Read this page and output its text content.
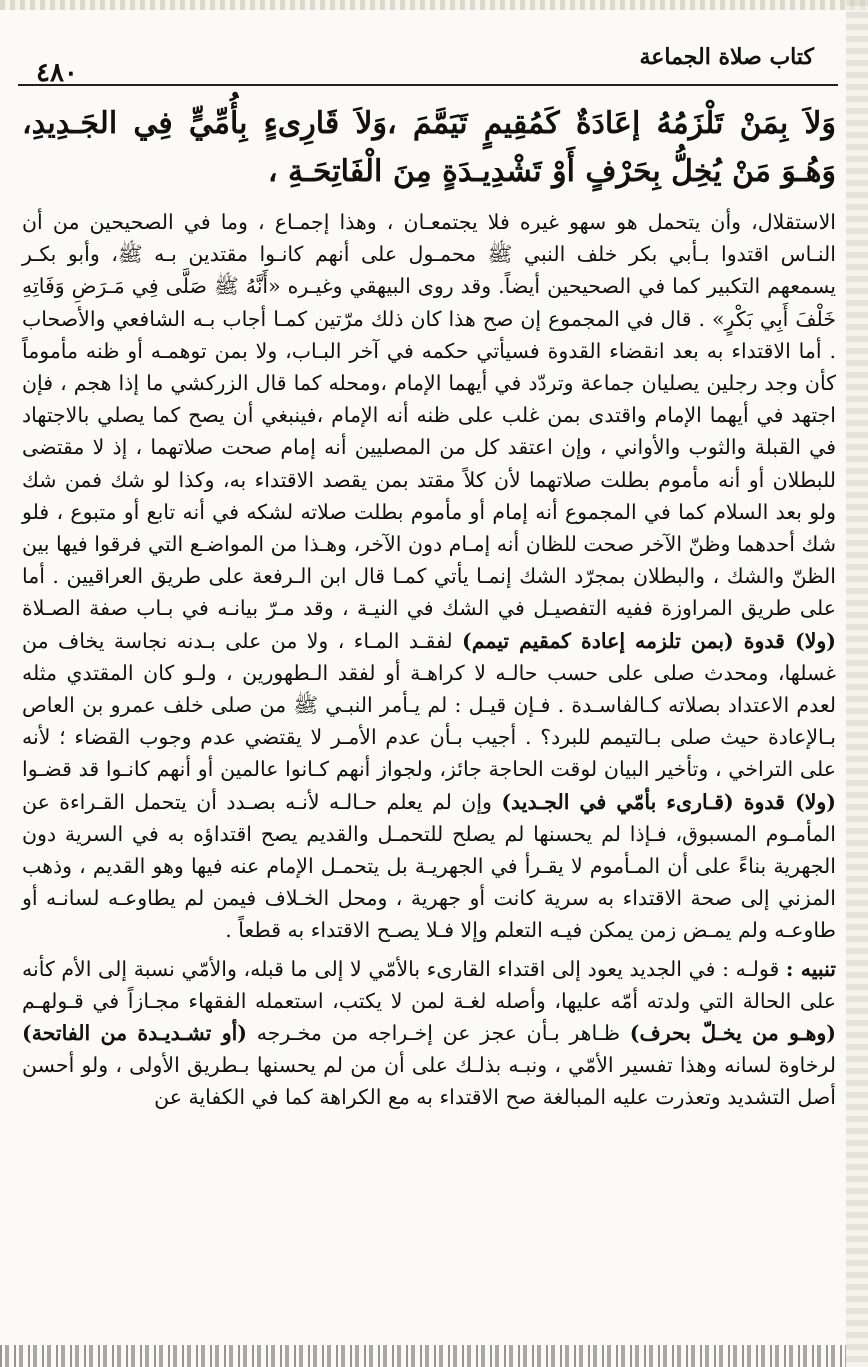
كتاب صلاة الجماعة
٤٨٠
وَلاَ بِمَنْ تَلْزَمُهُ إعَادَةٌ كَمُقِيمٍ تَيَمَّمَ ،وَلاَ قَارِىءٍ بِأُمِّيٍّ فِي الجَـدِيدِ، وَهُـوَ مَنْ يُخِلُّ بِحَرْفٍ أَوْ تَشْدِيـدَةٍ مِنَ الْفَاتِحَـةِ ،

الاستقلال، وأن يتحمل هو سهو غيره فلا يجتمعـان ، وهذا إجمـاع ، وما في الصحيحين من أن النـاس اقتدوا بـأبي بكر خلف النبي ﷺ محمـول على أنهم كانـوا مقتدين بـه ﷺ، وأبو بكـر يسمعهم التكبير كما في الصحيحين أيضاً. وقد روى البيهقي وغيـره «أَنَّهُ ﷺ صَلَّى فِي مَـرَضِ وَفَاتِهِ خَلْفَ أَبِي بَكْرٍ» . قال في المجموع إن صح هذا كان ذلك مرّتين كمـا أجاب بـه الشافعي والأصحاب . أما الاقتداء به بعد انقضاء القدوة فسيأتي حكمه في آخر البـاب، ولا بمن توهمـه أو ظنه مأموماً كأن وجد رجلين يصليان جماعة وتردّد في أيهما الإمام ،ومحله كما قال الزركشي ما إذا هجم ، فإن اجتهد في أيهما الإمام واقتدى بمن غلب على ظنه أنه الإمام ،فينبغي أن يصح كما يصلي بالاجتهاد في القبلة والثوب والأواني ، وإن اعتقد كل من المصليين أنه إمام صحت صلاتهما ، إذ لا مقتضى للبطلان أو أنه مأموم بطلت صلاتهما لأن كلاً مقتد بمن يقصد الاقتداء به، وكذا لو شك فمن شك ولو بعد السلام كما في المجموع أنه إمام أو مأموم بطلت صلاته لشكه في أنه تابع أو متبوع ، فلو شك أحدهما وظنّ الآخر صحت للظان أنه إمـام دون الآخر، وهـذا من المواضـع التي فرقوا فيها بين الظنّ والشك ، والبطلان بمجرّد الشك إنمـا يأتي كمـا قال ابن الـرفعة على طريق العراقيين . أما على طريق المراوزة ففيه التفصيـل في الشك في النيـة ، وقد مـرّ بيانـه في بـاب صفة الصـلاة (ولا) قدوة (بمن تلزمه إعادة كمقيم تيمم) لفقـد المـاء ، ولا من على بـدنه نجاسة يخاف من غسلها، ومحدث صلى على حسب حالـه لا كراهـة أو لفقد الـطهورين ، ولـو كان المقتدي مثله لعدم الاعتداد بصلاته كـالفاسـدة . فـإن قيـل : لم يـأمر النبـي ﷺ من صلى خلف عمرو بن العاص بـالإعادة حيث صلى بـالتيمم للبرد؟ . أجيب بـأن عدم الأمـر لا يقتضي عدم وجوب القضاء ؛ لأنه على التراخي ، وتأخير البيان لوقت الحاجة جائز، ولجواز أنهم كـانوا عالمين أو أنهم كانـوا قد قضـوا (ولا) قدوة (قـارىء بأمّي في الجـديد) وإن لم يعلم حـالـه لأنـه بصـدد أن يتحمل القـراءة عن المأمـوم المسبوق، فـإذا لم يحسنها لم يصلح للتحمـل والقديم يصح اقتداؤه به في السرية دون الجهرية بناءً على أن المـأموم لا يقـرأ في الجهريـة بل يتحمـل الإمام عنه فيها وهو القديم ، وذهب المزني إلى صحة الاقتداء به سرية كانت أو جهرية ، ومحل الخـلاف فيمن لم يطاوعـه لسانـه أو طاوعـه ولم يمـض زمن يمكن فيـه التعلم وإلا فـلا يصـح الاقتداء به قطعاً .

تنبيه : قولـه : في الجديد يعود إلى اقتداء القارىء بالأمّي لا إلى ما قبله، والأمّي نسبة إلى الأم كأنه على الحالة التي ولدته أمّه عليها، وأصله لغـة لمن لا يكتب، استعمله الفقهاء مجـازاً في قـولهـم (وهـو من يخـلّ بحرف) ظـاهر بـأن عجز عن إخـراجه من مخـرجه (أو تشـديـدة من الفاتحة) لرخاوة لسانه وهذا تفسير الأمّي ، ونبـه بذلـك على أن من لم يحسنها بـطريق الأولى ، ولو أحسن أصل التشديد وتعذرت عليه المبالغة صح الاقتداء به مع الكراهة كما في الكفاية عن
